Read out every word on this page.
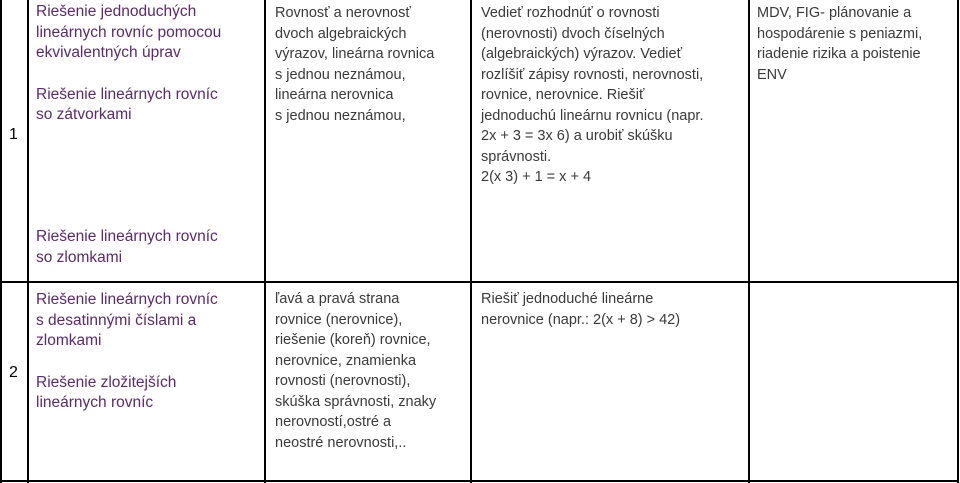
1
Riešenie jednoduchých
lineárnych rovníc pomocou
ekvivalentných úprav
Riešenie lineárnych rovníc
so zátvorkami
Riešenie lineárnych rovníc
so zlomkami
Rovnosť a nerovnosť
dvoch algebraických
výrazov, lineárna rovnica
s jednou neznámou,
lineárna nerovnica
s jednou neznámou,
Vedieť rozhodnúť o rovnosti
(nerovnosti) dvoch číselných
(algebraických) výrazov. Vedieť
rozlíšiť zápisy rovnosti, nerovnosti,
rovnice, nerovnice. Riešiť
jednoduchú lineárnu rovnicu (napr.
2x + 3 = 3x 6) a urobiť skúšku
správnosti.
2(x 3) + 1 = x + 4
MDV, FIG- plánovanie a
hospodárenie s peniazmi,
riadenie rizika a poistenie
ENV
2
Riešenie lineárnych rovníc
s desatinnými číslami a
zlomkami
Riešenie zložitejších
lineárnych rovníc
ľavá a pravá strana
rovnice (nerovnice),
riešenie (koreň) rovnice,
nerovnice, znamienka
rovnosti (nerovnosti),
skúška správnosti, znaky
nerovností,ostré a
neostré nerovnosti,..
Riešiť jednoduché lineárne
nerovnice (napr.: 2(x + 8) > 42)
